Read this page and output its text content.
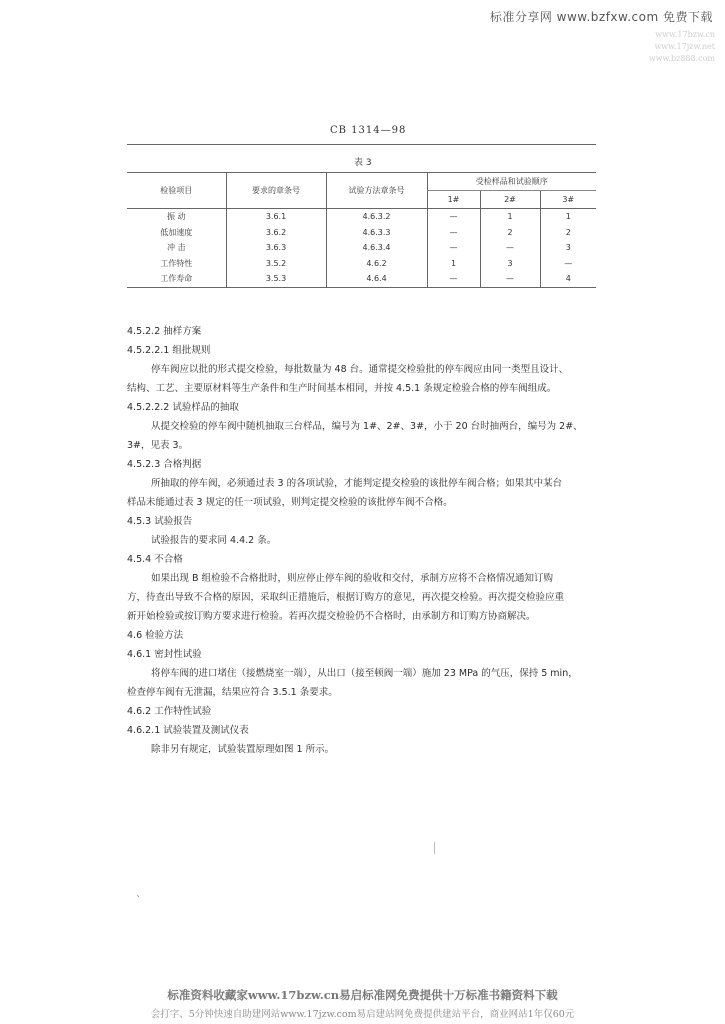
标准分享网 www.bzfxw.com 免费下载
www.17bzw.cn
www.17jzw.net
www.bz888.com
CB 1314—98
表 3
检验项目	要求的章条号	试验方法章条号	受检样品和试验顺序		
			1#	2#	3#
振 动	3.6.1	4.6.3.2	—	1	1
低加速度	3.6.2	4.6.3.3	—	2	2
冲 击	3.6.3	4.6.3.4	—	—	3
工作特性	3.5.2	4.6.2	1	3	—
工作寿命	3.5.3	4.6.4	—	—	4

4.5.2.2 抽样方案

4.5.2.2.1 组批规则

停车阀应以批的形式提交检验，每批数量为 48 台。通常提交检验批的停车阀应由同一类型且设计、

结构、工艺、主要原材料等生产条件和生产时间基本相同，并按 4.5.1 条规定检验合格的停车阀组成。

4.5.2.2.2 试验样品的抽取

从提交检验的停车阀中随机抽取三台样品，编号为 1#、2#、3#，小于 20 台时抽两台，编号为 2#、

3#，见表 3。

4.5.2.3 合格判据

所抽取的停车阀，必须通过表 3 的各项试验，才能判定提交检验的该批停车阀合格；如果其中某台

样品未能通过表 3 规定的任一项试验，则判定提交检验的该批停车阀不合格。

4.5.3 试验报告

试验报告的要求同 4.4.2 条。

4.5.4 不合格

如果出现 B 组检验不合格批时，则应停止停车阀的验收和交付，承制方应将不合格情况通知订购

方，待查出导致不合格的原因，采取纠正措施后，根据订购方的意见，再次提交检验。再次提交检验应重

新开始检验或按订购方要求进行检验。若再次提交检验仍不合格时，由承制方和订购方协商解决。

4.6 检验方法

4.6.1 密封性试验

将停车阀的进口堵住（接燃烧室一端），从出口（接至顿阀一端）施加 23 MPa 的气压，保持 5 min，

检查停车阀有无泄漏，结果应符合 3.5.1 条要求。

4.6.2 工作特性试验

4.6.2.1 试验装置及测试仪表

除非另有规定，试验装置原理如图 1 所示。

ˋ
标准资料收藏家www.17bzw.cn易启标准网免费提供十万标准书籍资料下载
会打字、5分钟快速自助建网站www.17jzw.com易启建站网免费提供建站平台，商业网站1年仅60元
